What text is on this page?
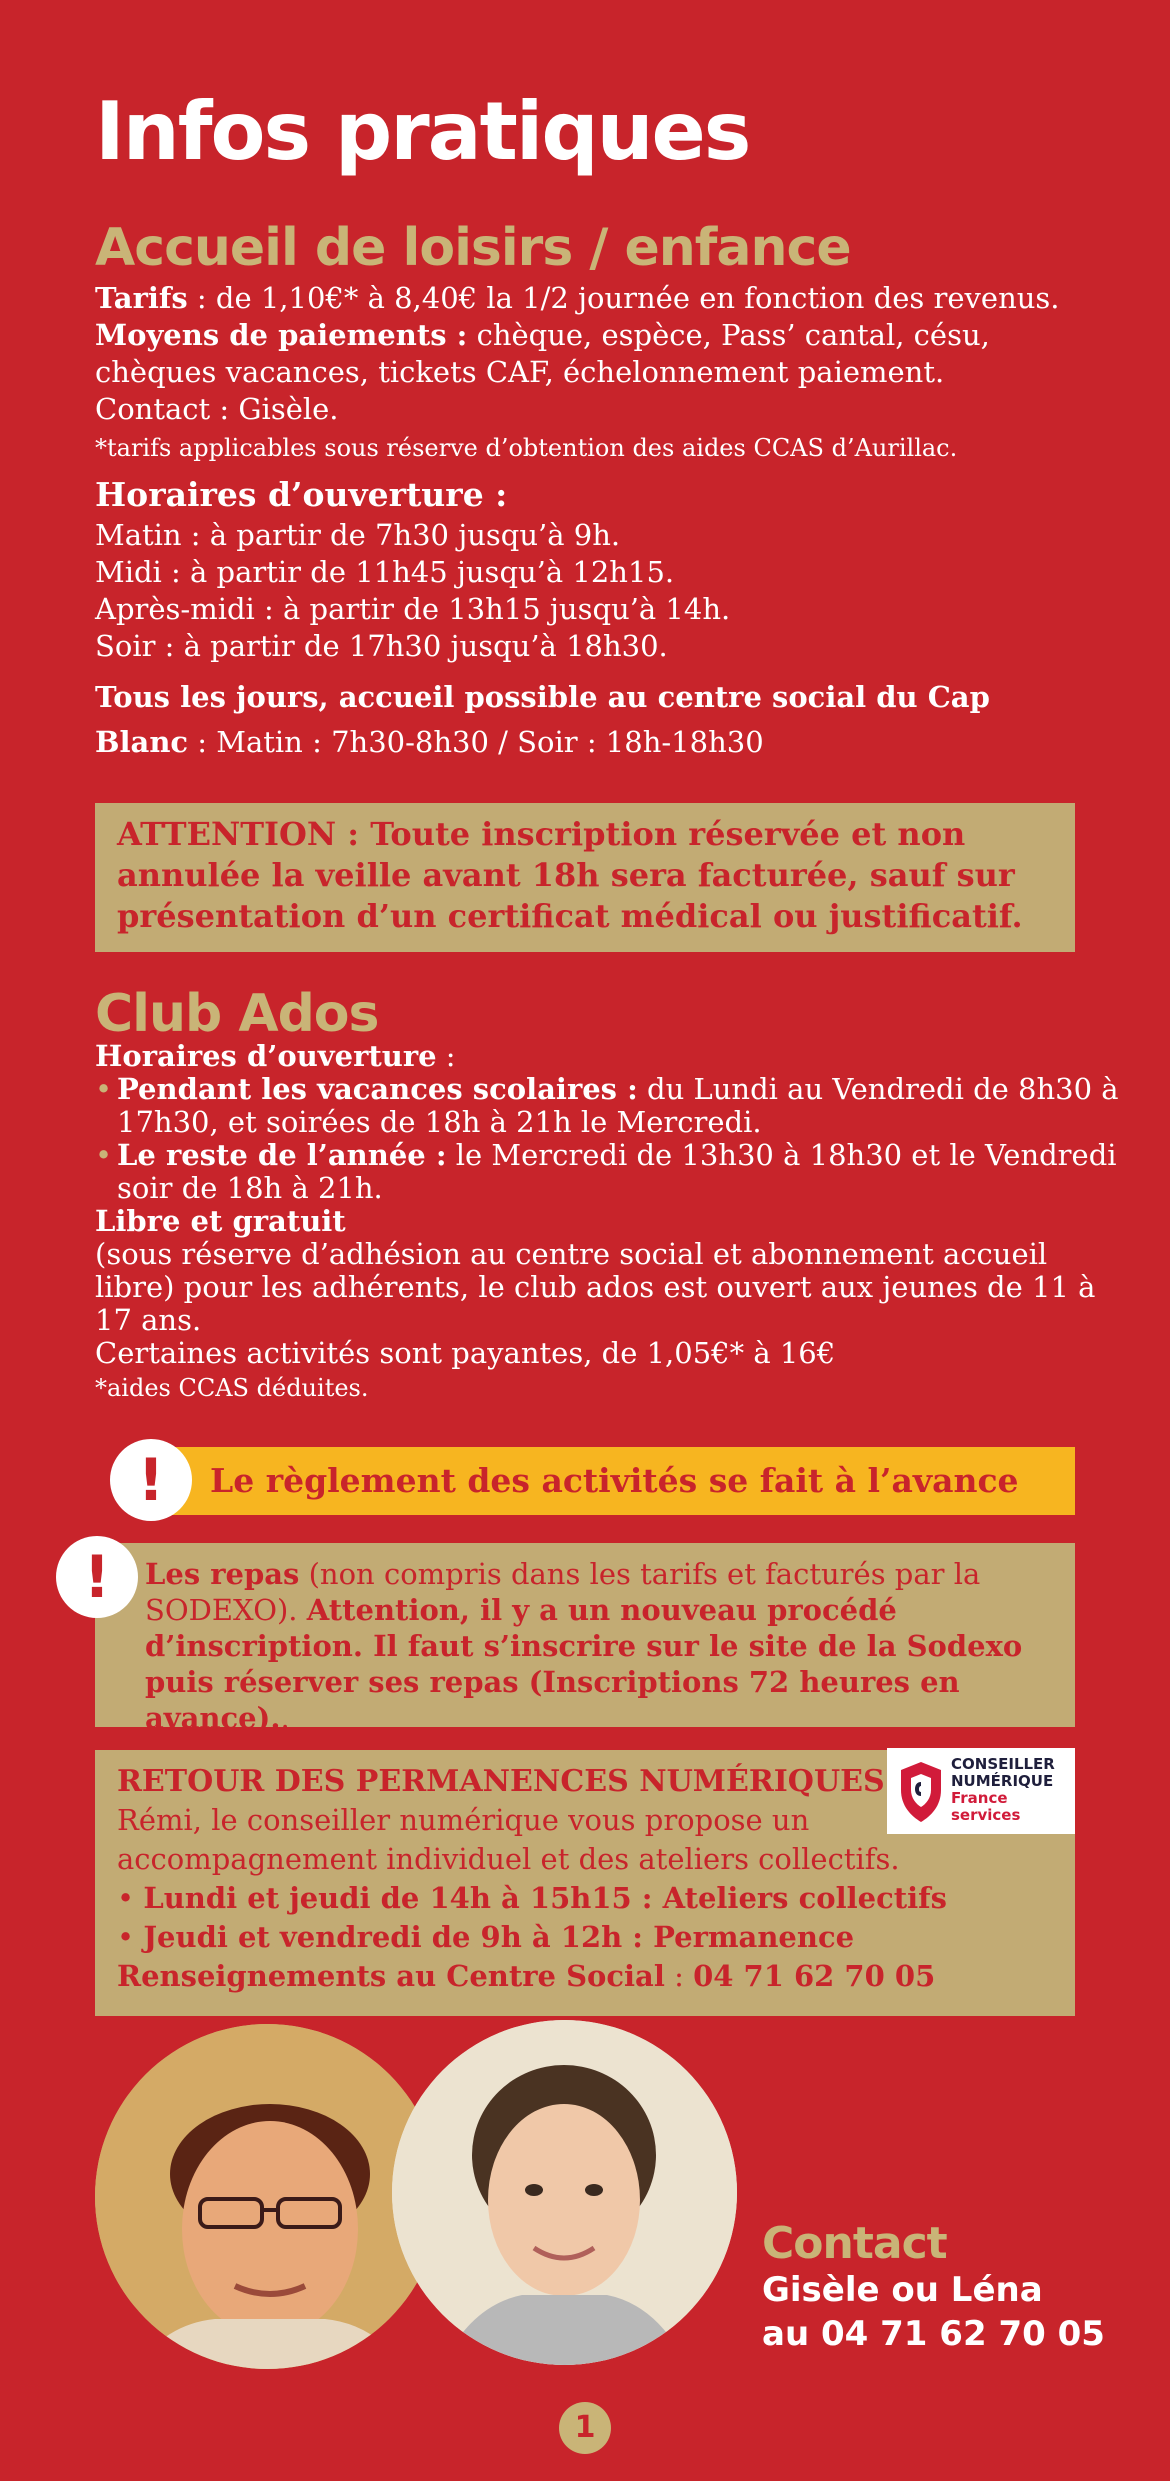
Infos pratiques
Accueil de loisirs / enfance
Tarifs : de 1,10€* à 8,40€ la 1/2 journée en fonction des revenus.
Moyens de paiements : chèque, espèce, Pass’ cantal, césu, chèques vacances, tickets CAF, échelonnement paiement.
Contact : Gisèle.
*tarifs applicables sous réserve d’obtention des aides CCAS d’Aurillac.
Horaires d’ouverture :
Matin : à partir de 7h30 jusqu’à 9h.
Midi : à partir de 11h45 jusqu’à 12h15.
Après-midi : à partir de 13h15 jusqu’à 14h.
Soir : à partir de 17h30 jusqu’à 18h30.
Tous les jours, accueil possible au centre social du Cap
Blanc : Matin : 7h30-8h30 / Soir : 18h-18h30
ATTENTION : Toute inscription réservée et non annulée la veille avant 18h sera facturée, sauf sur présentation d’un certificat médical ou justificatif.
Club Ados
Horaires d’ouverture :

• Pendant les vacances scolaires : du Lundi au Vendredi de 8h30 à 17h30, et soirées de 18h à 21h le Mercredi.
• Le reste de l’année : le Mercredi de 13h30 à 18h30 et le Vendredi soir de 18h à 21h.
Libre et gratuit
(sous réserve d’adhésion au centre social et abonnement accueil libre) pour les adhérents, le club ados est ouvert aux jeunes de 11 à 17 ans.
Certaines activités sont payantes, de 1,05€* à 16€
*aides CCAS déduites.
Le règlement des activités se fait à l’avance
!
Les repas (non compris dans les tarifs et facturés par la SODEXO). Attention, il y a un nouveau procédé d’inscription. Il faut s’inscrire sur le site de la Sodexo puis réserver ses repas (Inscriptions 72 heures en avance)..
!
RETOUR DES PERMANENCES NUMÉRIQUES
Rémi, le conseiller numérique vous propose un accompagnement individuel et des ateliers collectifs.
• Lundi et jeudi de 14h à 15h15 : Ateliers collectifs
• Jeudi et vendredi de 9h à 12h : Permanence
Renseignements au Centre Social : 04 71 62 70 05
CONSEILLER
NUMÉRIQUE
France
services
Contact
Gisèle ou Léna
au 04 71 62 70 05
1
